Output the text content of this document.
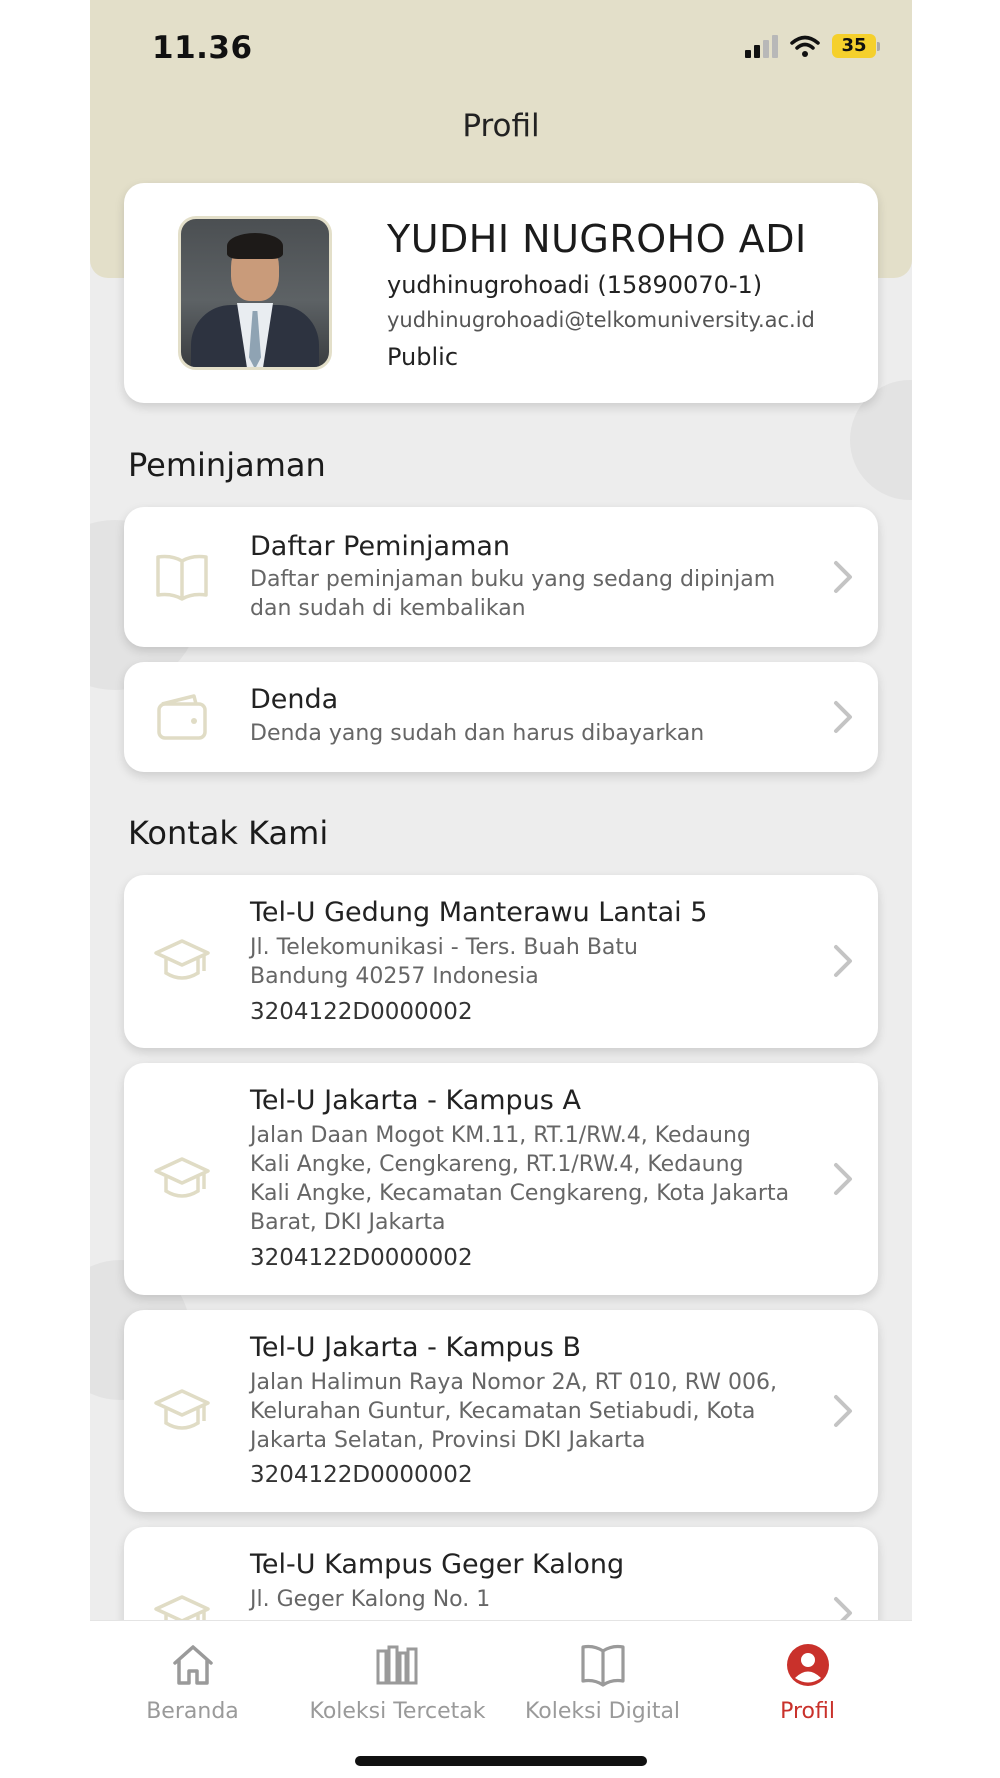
11.36	35
Profil
YUDHI NUGROHO ADI
yudhinugrohoadi (15890070-1)
yudhinugrohoadi@telkomuniversity.ac.id
Public
Peminjaman
Daftar Peminjaman
Daftar peminjaman buku yang sedang dipinjam dan sudah di kembalikan
Denda
Denda yang sudah dan harus dibayarkan
Kontak Kami
Tel-U Gedung Manterawu Lantai 5
Jl. Telekomunikasi - Ters. Buah Batu Bandung 40257 Indonesia
3204122D0000002
Tel-U Jakarta - Kampus A
Jalan Daan Mogot KM.11, RT.1/RW.4, Kedaung Kali Angke, Cengkareng, RT.1/RW.4, Kedaung Kali Angke, Kecamatan Cengkareng, Kota Jakarta Barat, DKI Jakarta
3204122D0000002
Tel-U Jakarta - Kampus B
Jalan Halimun Raya Nomor 2A, RT 010, RW 006, Kelurahan Guntur, Kecamatan Setiabudi, Kota Jakarta Selatan, Provinsi DKI Jakarta
3204122D0000002
Tel-U Kampus Geger Kalong
Jl. Geger Kalong No. 1
Beranda	Koleksi Tercetak	Koleksi Digital	Profil
